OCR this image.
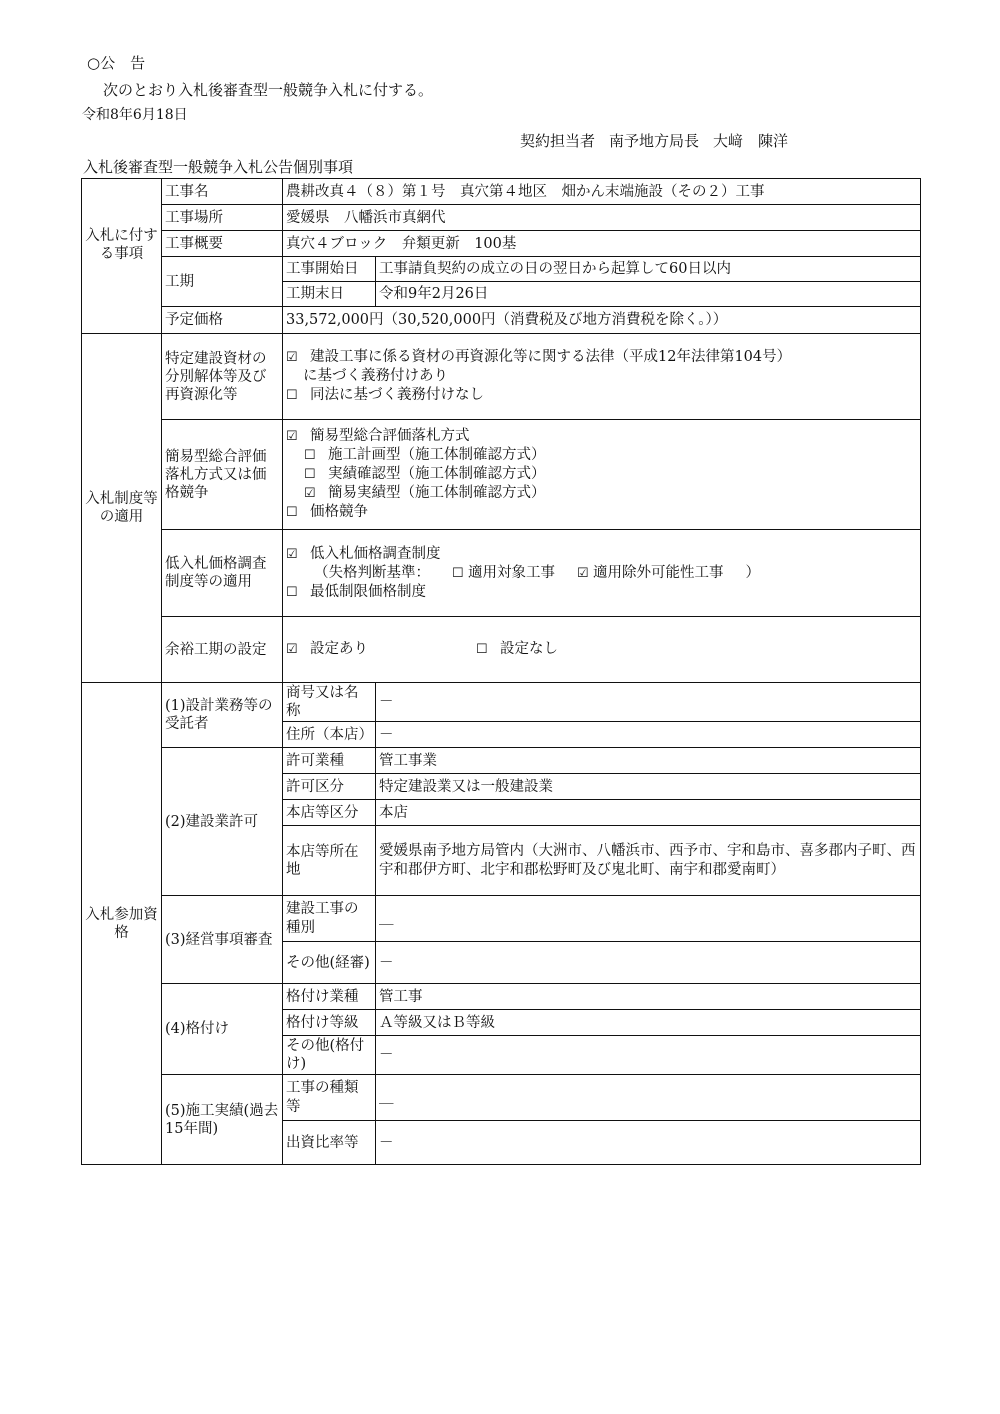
○公　告
次のとおり入札後審査型一般競争入札に付する。
令和8年6月18日
契約担当者 南予地方局長 大﨑　陳洋
入札後審査型一般競争入札公告個別事項
入札に付する事項	工事名	農耕改真４（８）第１号　真穴第４地区　畑かん末端施設（その２）工事	
	工事場所	愛媛県　八幡浜市真網代	
	工事概要	真穴４ブロック　弁類更新　100基	
	工期	工事開始日	工事請負契約の成立の日の翌日から起算して60日以内
		工期末日	令和9年2月26日
	予定価格	33,572,000円（30,520,000円（消費税及び地方消費税を除く。））	
入札制度等の適用	特定建設資材の分別解体等及び再資源化等	☑ 建設工事に係る資材の再資源化等に関する法律（平成12年法律第104号）
に基づく義務付けあり
☐ 同法に基づく義務付けなし	

	簡易型総合評価落札方式又は価格競争	☑ 簡易型総合評価落札方式
☐ 施工計画型（施工体制確認方式）
☐ 実績確認型（施工体制確認方式）
☑ 簡易実績型（施工体制確認方式）
☐ 価格競争	

	低入札価格調査制度等の適用	☑ 低入札価格調査制度
（失格判断基準： ☐ 適用対象工事 ☑ 適用除外可能性工事 ）
☐ 最低制限価格制度	

	余裕工期の設定	☑ 設定あり ☐ 設定なし	

入札参加資格	(1)設計業務等の受託者	商号又は名称	－
		住所（本店）	－
	(2)建設業許可	許可業種	管工事業
		許可区分	特定建設業又は一般建設業
		本店等区分	本店
		本店等所在地	愛媛県南予地方局管内（大洲市、八幡浜市、西予市、宇和島市、喜多郡内子町、西宇和郡伊方町、北宇和郡松野町及び鬼北町、南宇和郡愛南町）
	(3)経営事項審査	建設工事の種別	＿
		その他(経審)	－
	(4)格付け	格付け業種	管工事
		格付け等級	Ａ等級又はＢ等級
		その他(格付け)	－
	(5)施工実績(過去15年間)	工事の種類等	＿
		出資比率等	－
